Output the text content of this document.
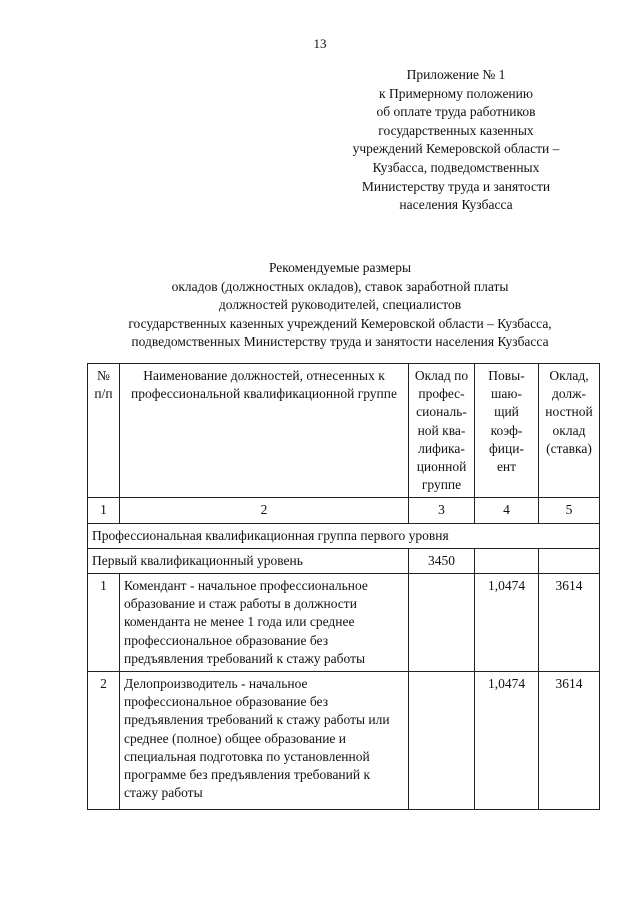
13
Приложение № 1
к Примерному положению
об оплате труда работников
государственных казенных
учреждений Кемеровской области –
Кузбасса, подведомственных
Министерству труда и занятости
населения Кузбасса
Рекомендуемые размеры
окладов (должностных окладов), ставок заработной платы
должностей руководителей, специалистов
государственных казенных учреждений Кемеровской области – Кузбасса,
подведомственных Министерству труда и занятости населения Кузбасса
№ п/п	Наименование должностей, отнесенных к профессиональной квалификационной группе	Оклад по профес- сиональ- ной ква- лифика- ционной группе	Повы- шаю- щий коэф- фици- ент	Оклад, долж- ностной оклад (ставка)
1	2	3	4	5
Профессиональная квалификационная группа первого уровня				
Первый квалификационный уровень		3450		
1	Комендант - начальное профессиональное образование и стаж работы в должности коменданта не менее 1 года или среднее профессиональное образование без предъявления требований к стажу работы		1,0474	3614
2	Делопроизводитель - начальное профессиональное образование без предъявления требований к стажу работы или среднее (полное) общее образование и специальная подготовка по установленной программе без предъявления требований к стажу работы		1,0474	3614
